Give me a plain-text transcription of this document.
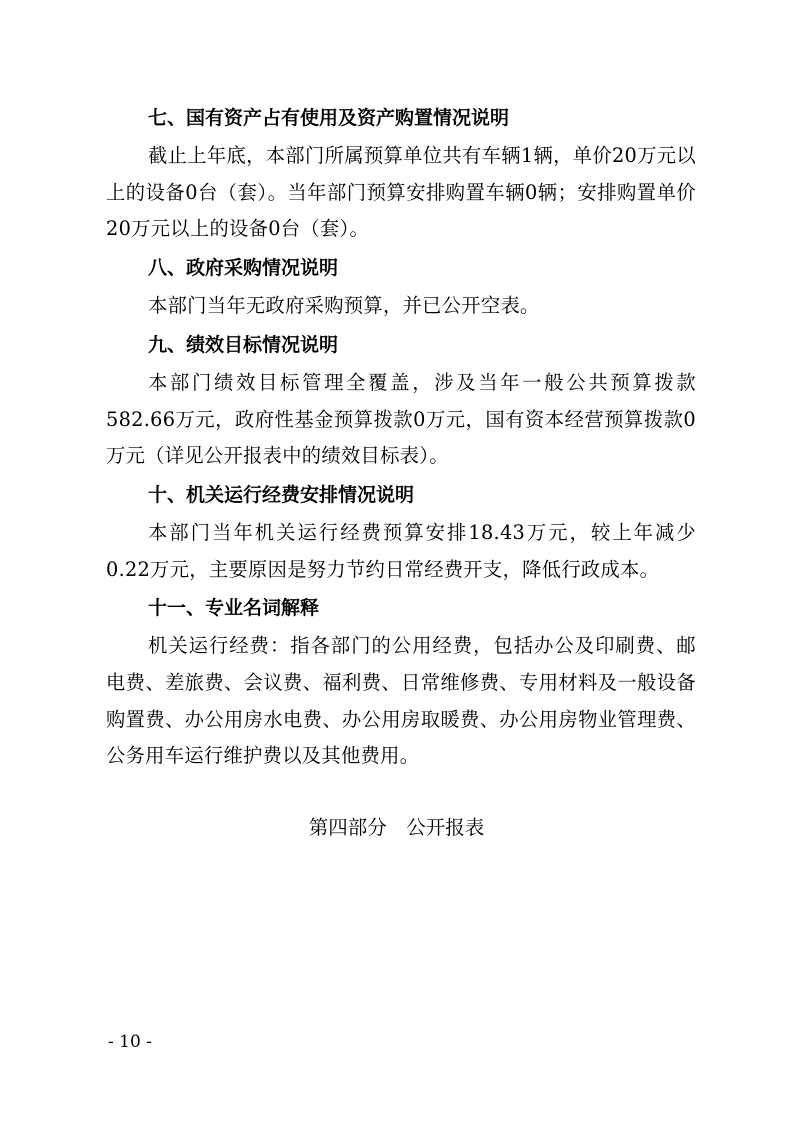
七、国有资产占有使用及资产购置情况说明

截止上年底，本部门所属预算单位共有车辆1辆，单价20万元以上的设备0台（套）。当年部门预算安排购置车辆0辆；安排购置单价20万元以上的设备0台（套）。

八、政府采购情况说明

本部门当年无政府采购预算，并已公开空表。

九、绩效目标情况说明

本部门绩效目标管理全覆盖，涉及当年一般公共预算拨款582.66万元，政府性基金预算拨款0万元，国有资本经营预算拨款0万元（详见公开报表中的绩效目标表）。

十、机关运行经费安排情况说明

本部门当年机关运行经费预算安排18.43万元，较上年减少0.22万元，主要原因是努力节约日常经费开支，降低行政成本。

十一、专业名词解释

机关运行经费：指各部门的公用经费，包括办公及印刷费、邮电费、差旅费、会议费、福利费、日常维修费、专用材料及一般设备购置费、办公用房水电费、办公用房取暖费、办公用房物业管理费、公务用车运行维护费以及其他费用。

第四部分　公开报表
- 10 -
